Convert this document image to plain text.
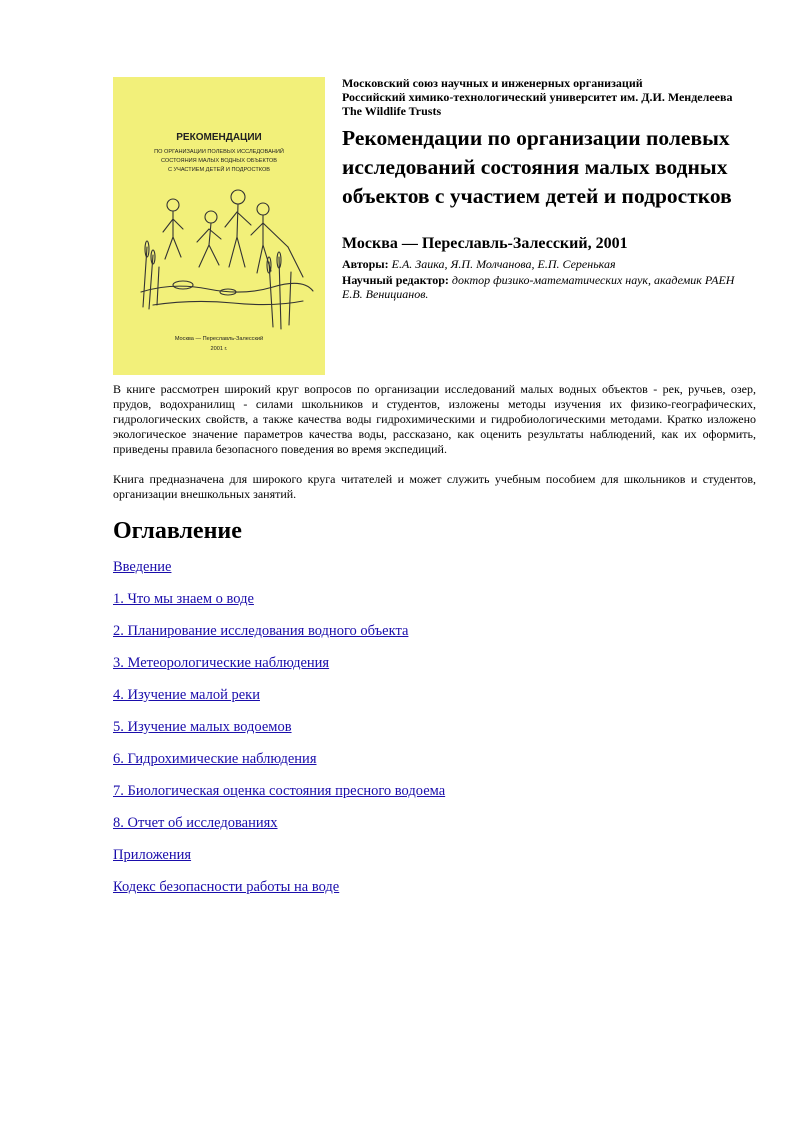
РЕКОМЕНДАЦИИ
ПО ОРГАНИЗАЦИИ ПОЛЕВЫХ ИССЛЕДОВАНИЙ
СОСТОЯНИЯ МАЛЫХ ВОДНЫХ ОБЪЕКТОВ
С УЧАСТИЕМ ДЕТЕЙ И ПОДРОСТКОВ
Москва — Переславль-Залесский
2001 г.

Московский союз научных и инженерных организаций

Российский химико-технологический университет им. Д.И. Менделеева

The Wildlife Trusts

Рекомендации по организации полевых исследований состояния малых водных объектов с участием детей и подростков

Москва — Переславль-Залесский, 2001

Авторы: Е.А. Заика, Я.П. Молчанова, Е.П. Серенькая

Научный редактор: доктор физико-математических наук, академик РАЕН Е.В. Веницианов.

В книге рассмотрен широкий круг вопросов по организации исследований малых водных объектов - рек, ручьев, озер, прудов, водохранилищ - силами школьников и студентов, изложены методы изучения их физико-географических, гидрологических свойств, а также качества воды гидрохимическими и гидробиологическими методами. Кратко изложено экологическое значение параметров качества воды, рассказано, как оценить результаты наблюдений, как их оформить, приведены правила безопасного поведения во время экспедиций.

Книга предназначена для широкого круга читателей и может служить учебным пособием для школьников и студентов, организации внешкольных занятий.

Оглавление
Введение
1. Что мы знаем о воде
2. Планирование исследования водного объекта
3. Метеорологические наблюдения
4. Изучение малой реки
5. Изучение малых водоемов
6. Гидрохимические наблюдения
7. Биологическая оценка состояния пресного водоема
8. Отчет об исследованиях
Приложения
Кодекс безопасности работы на воде
